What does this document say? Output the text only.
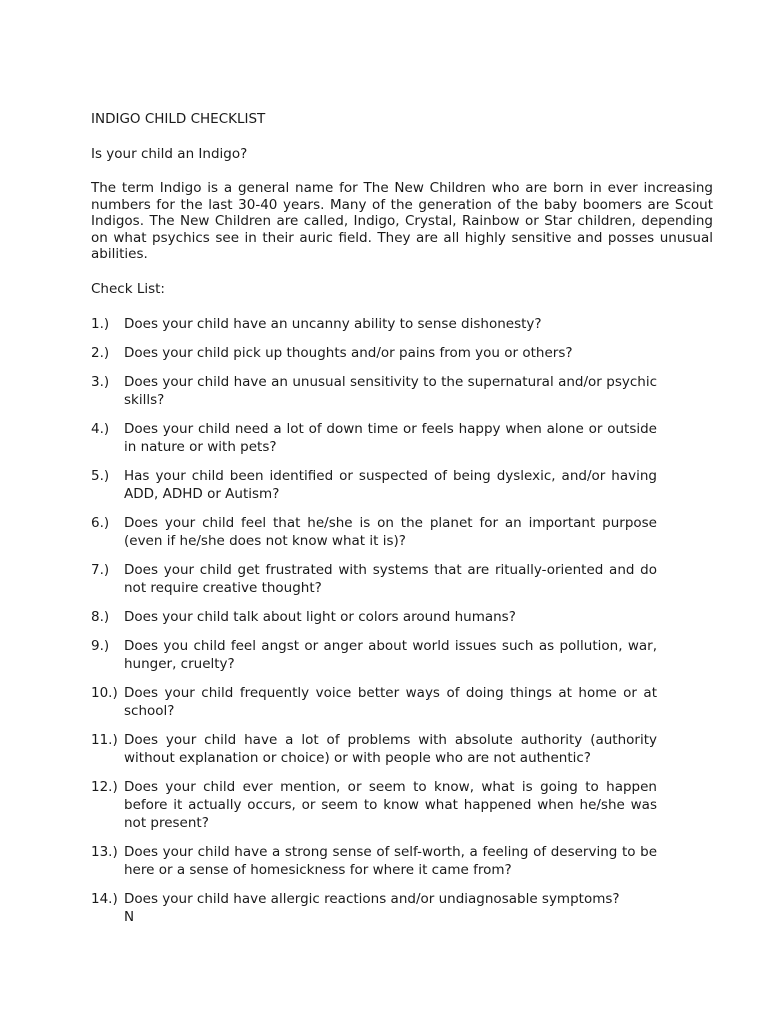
INDIGO CHILD CHECKLIST

Is your child an Indigo?

The term Indigo is a general name for The New Children who are born in ever increasing numbers for the last 30-40 years. Many of the generation of the baby boomers are Scout Indigos. The New Children are called, Indigo, Crystal, Rainbow or Star children, depending on what psychics see in their auric field. They are all highly sensitive and posses unusual abilities.

Check List:

1.)	Does your child have an uncanny ability to sense dishonesty?
2.)	Does your child pick up thoughts and/or pains from you or others?
3.)	Does your child have an unusual sensitivity to the supernatural and/or psychic skills?
4.)	Does your child need a lot of down time or feels happy when alone or outside in nature or with pets?
5.)	Has your child been identified or suspected of being dyslexic, and/or having ADD, ADHD or Autism?
6.)	Does your child feel that he/she is on the planet for an important purpose (even if he/she does not know what it is)?
7.)	Does your child get frustrated with systems that are ritually-oriented and do not require creative thought?
8.)	Does your child talk about light or colors around humans?
9.)	Does you child feel angst or anger about world issues such as pollution, war, hunger, cruelty?
10.) Does your child frequently voice better ways of doing things at home or at school?
11.) Does your child have a lot of problems with absolute authority (authority without explanation or choice) or with people who are not authentic?
12.) Does your child ever mention, or seem to know, what is going to happen before it actually occurs, or seem to know what happened when he/she was not present?
13.) Does your child have a strong sense of self-worth, a feeling of deserving to be here or a sense of homesickness for where it came from?
14.) Does your child have allergic reactions and/or undiagnosable symptoms?
N
